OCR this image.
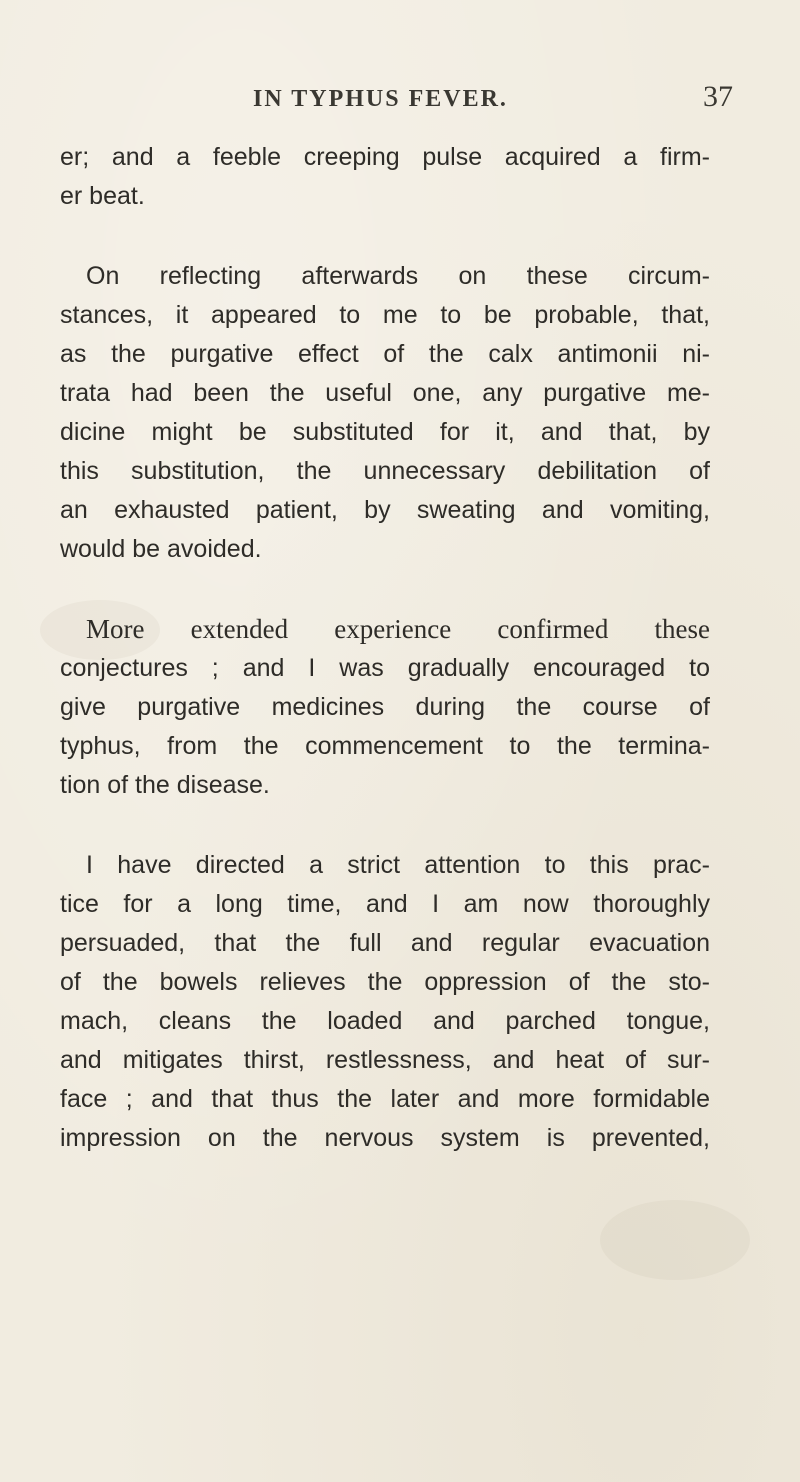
IN TYPHUS FEVER.	37
er; and a feeble creeping pulse acquired a firm-
er beat.
On reflecting afterwards on these circum-
stances, it appeared to me to be probable, that,
as the purgative effect of the calx antimonii ni-
trata had been the useful one, any purgative me-
dicine might be substituted for it, and that, by
this substitution, the unnecessary debilitation of
an exhausted patient, by sweating and vomiting,
would be avoided.
More extended experience confirmed these
conjectures ; and I was gradually encouraged to
give purgative medicines during the course of
typhus, from the commencement to the termina-
tion of the disease.
I have directed a strict attention to this prac-
tice for a long time, and I am now thoroughly
persuaded, that the full and regular evacuation
of the bowels relieves the oppression of the sto-
mach, cleans the loaded and parched tongue,
and mitigates thirst, restlessness, and heat of sur-
face ; and that thus the later and more formidable
impression on the nervous system is prevented,
